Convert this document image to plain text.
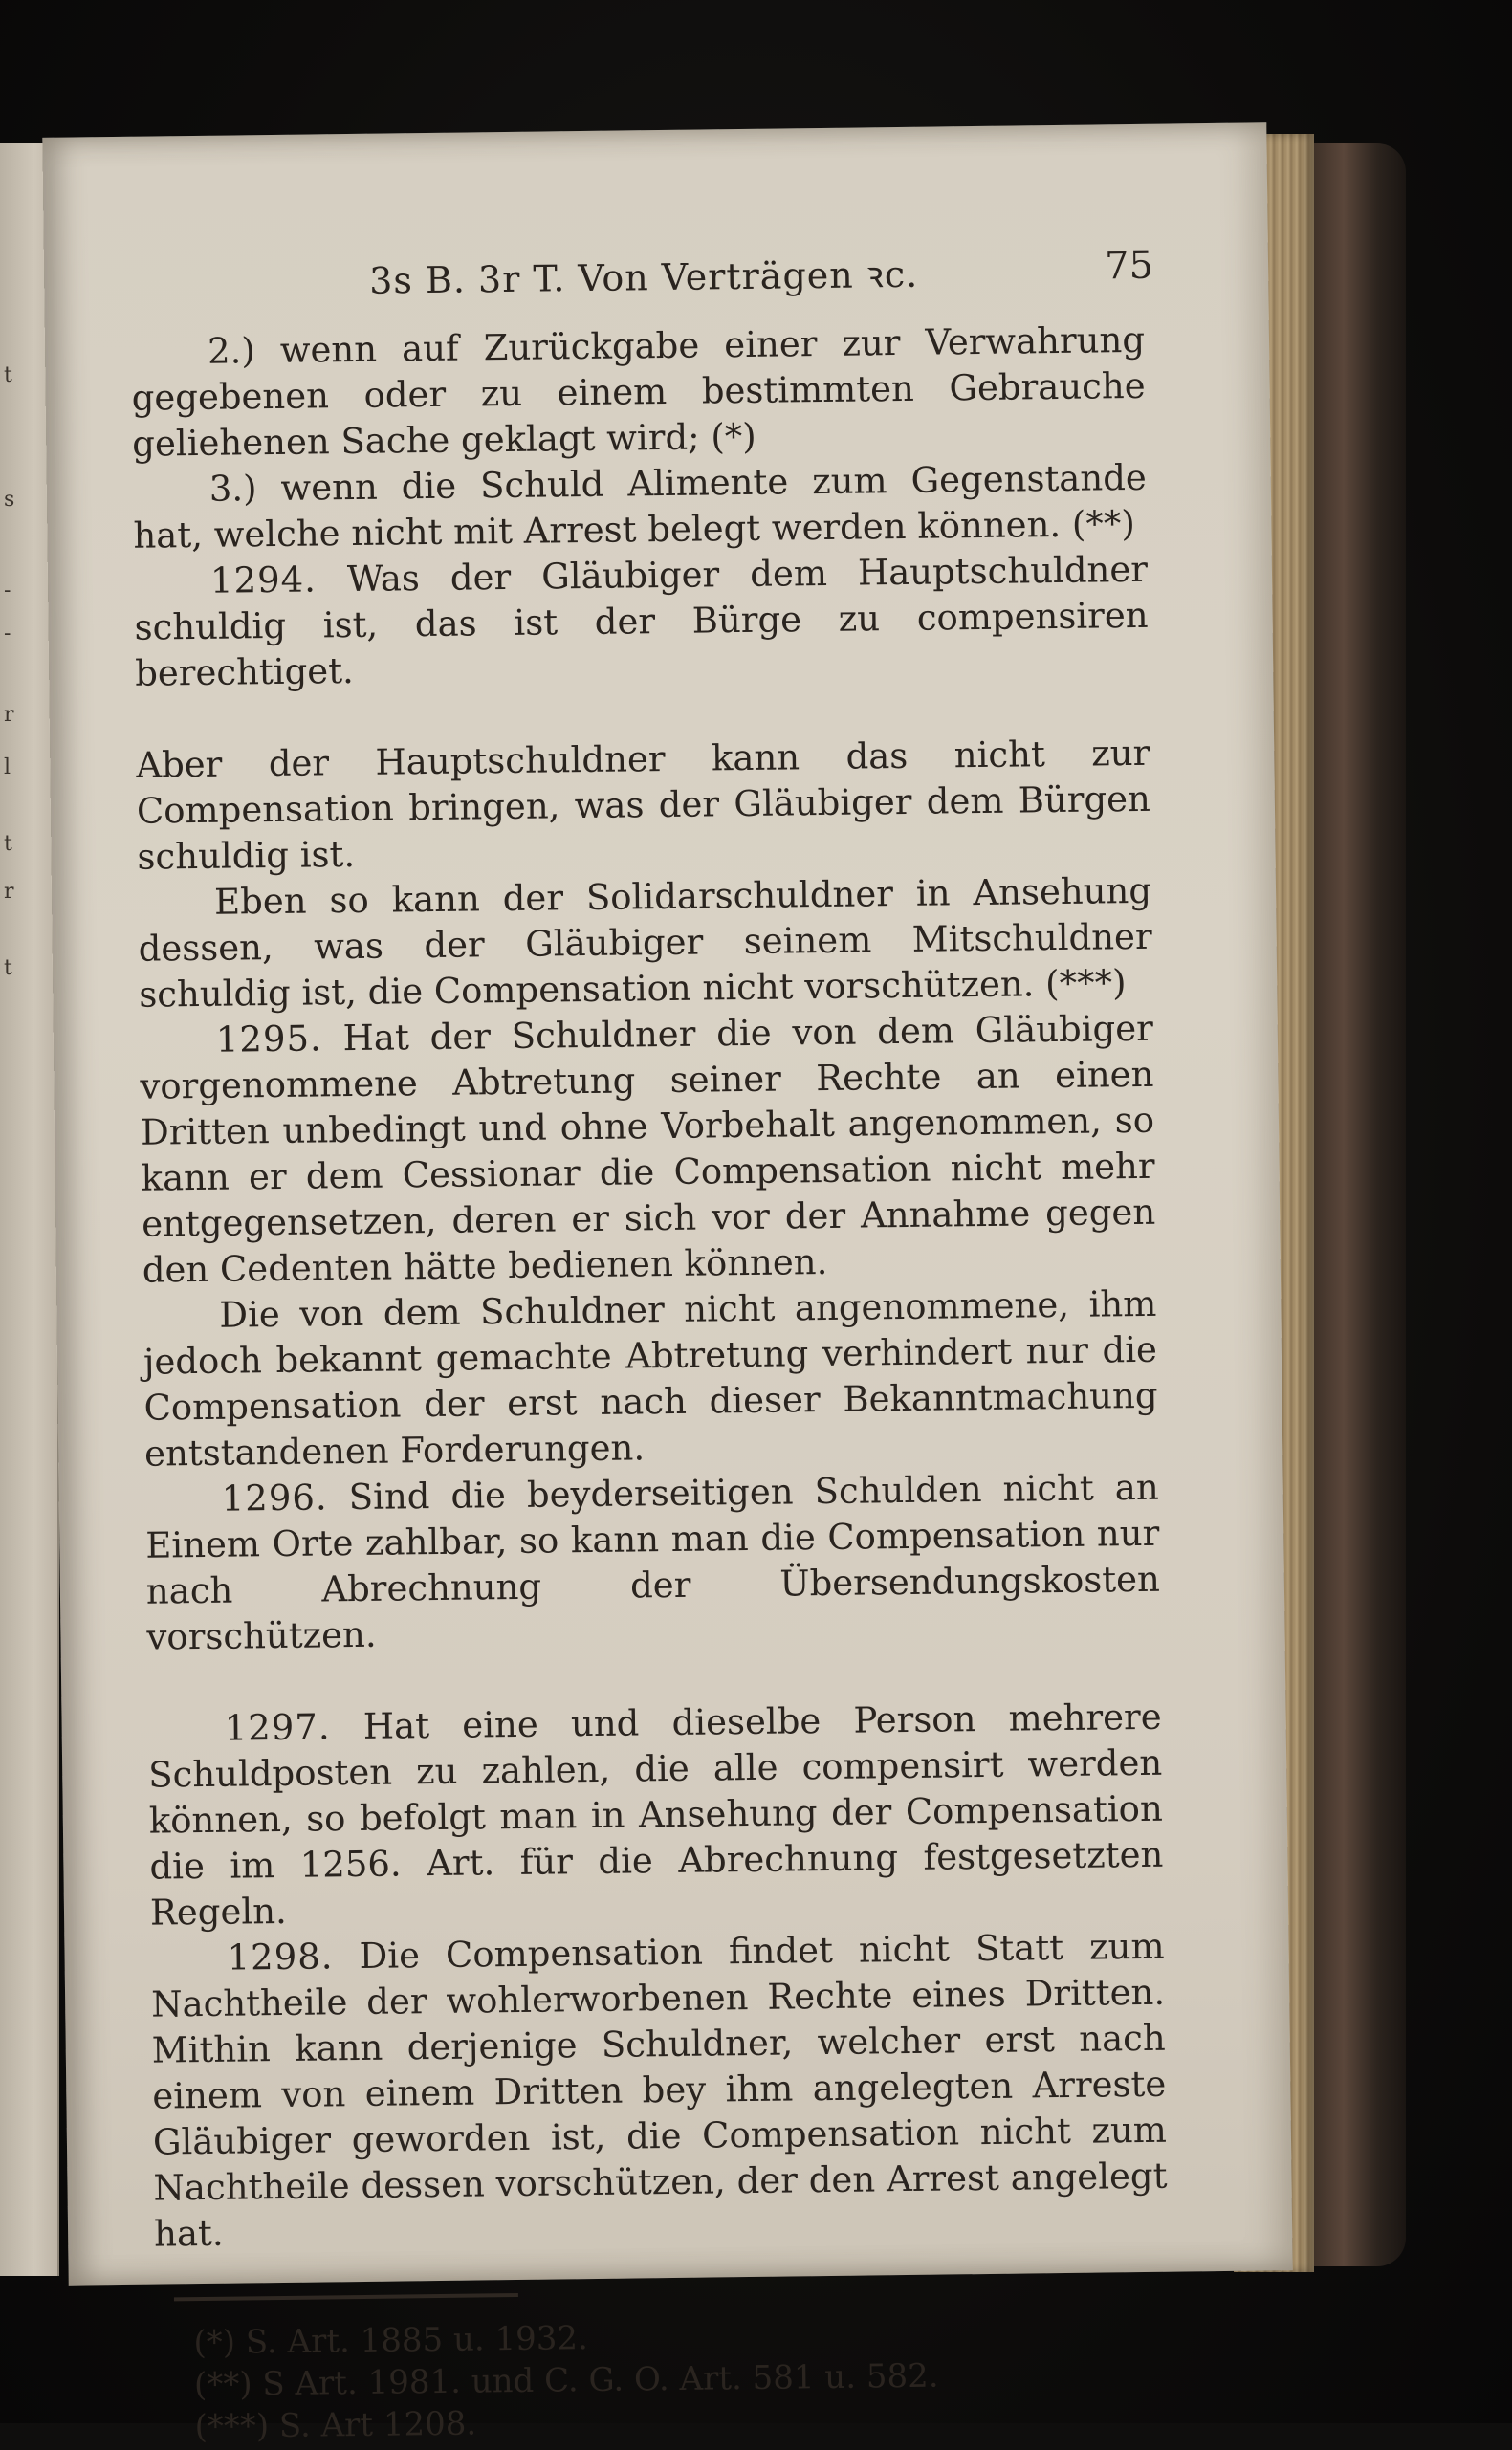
t
s
-
-
r
l
t
r
t
3s B. 3r T. Von Verträgen ꝛc.	75

2.) wenn auf Zurückgabe einer zur Verwahrung gegebenen oder zu einem bestimmten Gebrauche geliehenen Sache geklagt wird; (*)

3.) wenn die Schuld Alimente zum Gegenstande hat, welche nicht mit Arrest belegt werden können. (**)

1294. Was der Gläubiger dem Hauptschuldner schuldig ist, das ist der Bürge zu compensiren berechtiget.

Aber der Hauptschuldner kann das nicht zur Compensation bringen, was der Gläubiger dem Bürgen schuldig ist.

Eben so kann der Solidarschuldner in Ansehung dessen, was der Gläubiger seinem Mitschuldner schuldig ist, die Compensation nicht vorschützen. (***)

1295. Hat der Schuldner die von dem Gläubiger vorgenommene Abtretung seiner Rechte an einen Dritten unbedingt und ohne Vorbehalt angenommen, so kann er dem Cessionar die Compensation nicht mehr entgegensetzen, deren er sich vor der Annahme gegen den Cedenten hätte bedienen können.

Die von dem Schuldner nicht angenommene, ihm jedoch bekannt gemachte Abtretung verhindert nur die Compensation der erst nach dieser Bekanntmachung entstandenen Forderungen.

1296. Sind die beyderseitigen Schulden nicht an Einem Orte zahlbar, so kann man die Compensation nur nach Abrechnung der Übersendungskosten vorschützen.

1297. Hat eine und dieselbe Person mehrere Schuldposten zu zahlen, die alle compensirt werden können, so befolgt man in Ansehung der Compensation die im 1256. Art. für die Abrechnung festgesetzten Regeln.

1298. Die Compensation findet nicht Statt zum Nachtheile der wohlerworbenen Rechte eines Dritten. Mithin kann derjenige Schuldner, welcher erst nach einem von einem Dritten bey ihm angelegten Arreste Gläubiger geworden ist, die Compensation nicht zum Nachtheile dessen vorschützen, der den Arrest angelegt hat.

(*) S. Art. 1885 u. 1932.
(**) S Art. 1981. und C. G. O. Art. 581 u. 582.
(***) S. Art 1208.
